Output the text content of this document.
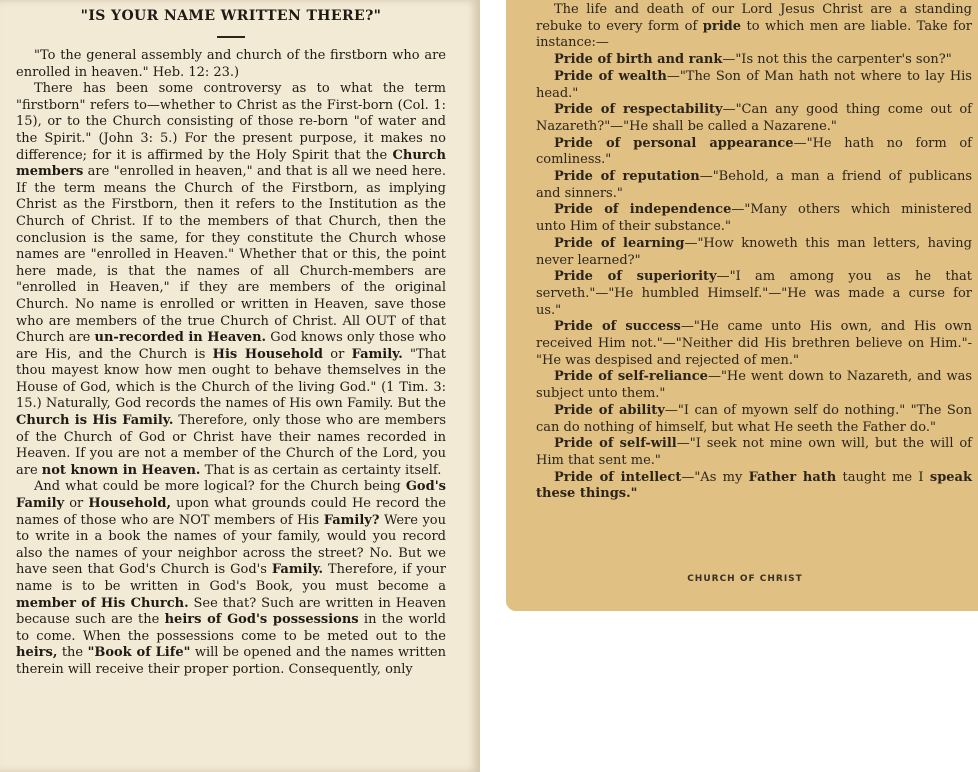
"IS YOUR NAME WRITTEN THERE?"

"To the general assembly and church of the firstborn who are enrolled in heaven." Heb. 12: 23.)

There has been some controversy as to what the term "firstborn" refers to—whether to Christ as the First-born (Col. 1: 15), or to the Church consisting of those re-born "of water and the Spirit." (John 3: 5.) For the present purpose, it makes no difference; for it is affirmed by the Holy Spirit that the Church members are "enrolled in heaven," and that is all we need here. If the term means the Church of the Firstborn, as implying Christ as the Firstborn, then it refers to the Institution as the Church of Christ. If to the members of that Church, then the conclusion is the same, for they constitute the Church whose names are "enrolled in Heaven." Whether that or this, the point here made, is that the names of all Church-members are "enrolled in Heaven," if they are members of the original Church. No name is enrolled or written in Heaven, save those who are members of the true Church of Christ. All OUT of that Church are un-recorded in Heaven. God knows only those who are His, and the Church is His Household or Family. "That thou mayest know how men ought to behave themselves in the House of God, which is the Church of the living God." (1 Tim. 3: 15.) Naturally, God records the names of His own Family. But the Church is His Family. Therefore, only those who are members of the Church of God or Christ have their names recorded in Heaven. If you are not a member of the Church of the Lord, you are not known in Heaven. That is as certain as certainty itself.

And what could be more logical? for the Church being God's Family or Household, upon what grounds could He record the names of those who are NOT members of His Family? Were you to write in a book the names of your family, would you record also the names of your neighbor across the street? No. But we have seen that God's Church is God's Family. Therefore, if your name is to be written in God's Book, you must become a member of His Church. See that? Such are written in Heaven because such are the heirs of God's possessions in the world to come. When the possessions come to be meted out to the heirs, the "Book of Life" will be opened and the names written therein will receive their proper portion. Consequently, only

The life and death of our Lord Jesus Christ are a standing rebuke to every form of pride to which men are liable. Take for instance:—

Pride of birth and rank—"Is not this the carpenter's son?"

Pride of wealth—"The Son of Man hath not where to lay His head."

Pride of respectability—"Can any good thing come out of Nazareth?"—"He shall be called a Nazarene."

Pride of personal appearance—"He hath no form of comliness."

Pride of reputation—"Behold, a man a friend of publicans and sinners."

Pride of independence—"Many others which ministered unto Him of their substance."

Pride of learning—"How knoweth this man letters, having never learned?"

Pride of superiority—"I am among you as he that serveth."—"He humbled Himself."—"He was made a curse for us."

Pride of success—"He came unto His own, and His own received Him not."—"Neither did His brethren believe on Him."-"He was despised and rejected of men."

Pride of self-reliance—"He went down to Nazareth, and was subject unto them."

Pride of ability—"I can of myown self do nothing." "The Son can do nothing of himself, but what He seeth the Father do."

Pride of self-will—"I seek not mine own will, but the will of Him that sent me."

Pride of intellect—"As my Father hath taught me I speak these things."

CHURCH OF CHRIST
